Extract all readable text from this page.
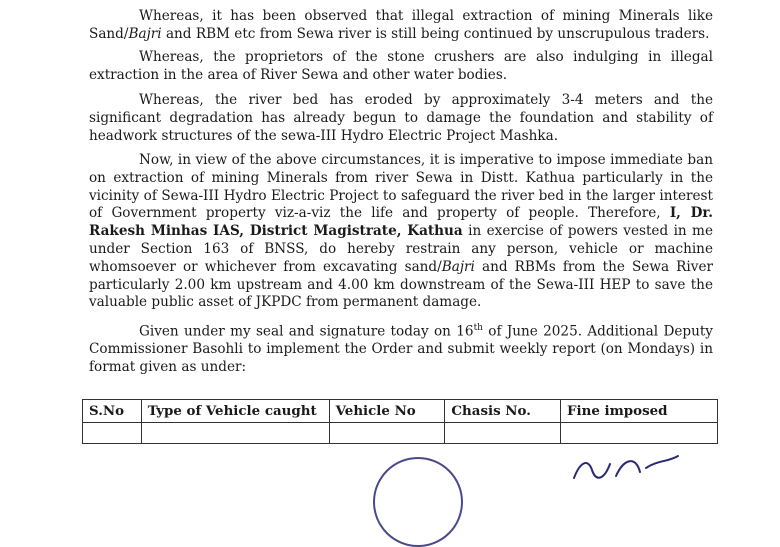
Whereas, it has been observed that illegal extraction of mining Minerals like Sand/Bajri and RBM etc from Sewa river is still being continued by unscrupulous traders.

Whereas, the proprietors of the stone crushers are also indulging in illegal extraction in the area of River Sewa and other water bodies.

Whereas, the river bed has eroded by approximately 3-4 meters and the significant degradation has already begun to damage the foundation and stability of headwork structures of the sewa-III Hydro Electric Project Mashka.

Now, in view of the above circumstances, it is imperative to impose immediate ban on extraction of mining Minerals from river Sewa in Distt. Kathua particularly in the vicinity of Sewa-III Hydro Electric Project to safeguard the river bed in the larger interest of Government property viz-a-viz the life and property of people. Therefore, I, Dr. Rakesh Minhas IAS, District Magistrate, Kathua in exercise of powers vested in me under Section 163 of BNSS, do hereby restrain any person, vehicle or machine whomsoever or whichever from excavating sand/Bajri and RBMs from the Sewa River particularly 2.00 km upstream and 4.00 km downstream of the Sewa-III HEP to save the valuable public asset of JKPDC from permanent damage.

Given under my seal and signature today on 16th of June 2025. Additional Deputy Commissioner Basohli to implement the Order and submit weekly report (on Mondays) in format given as under:

S.No	Type of Vehicle caught	Vehicle No	Chasis No.	Fine imposed
